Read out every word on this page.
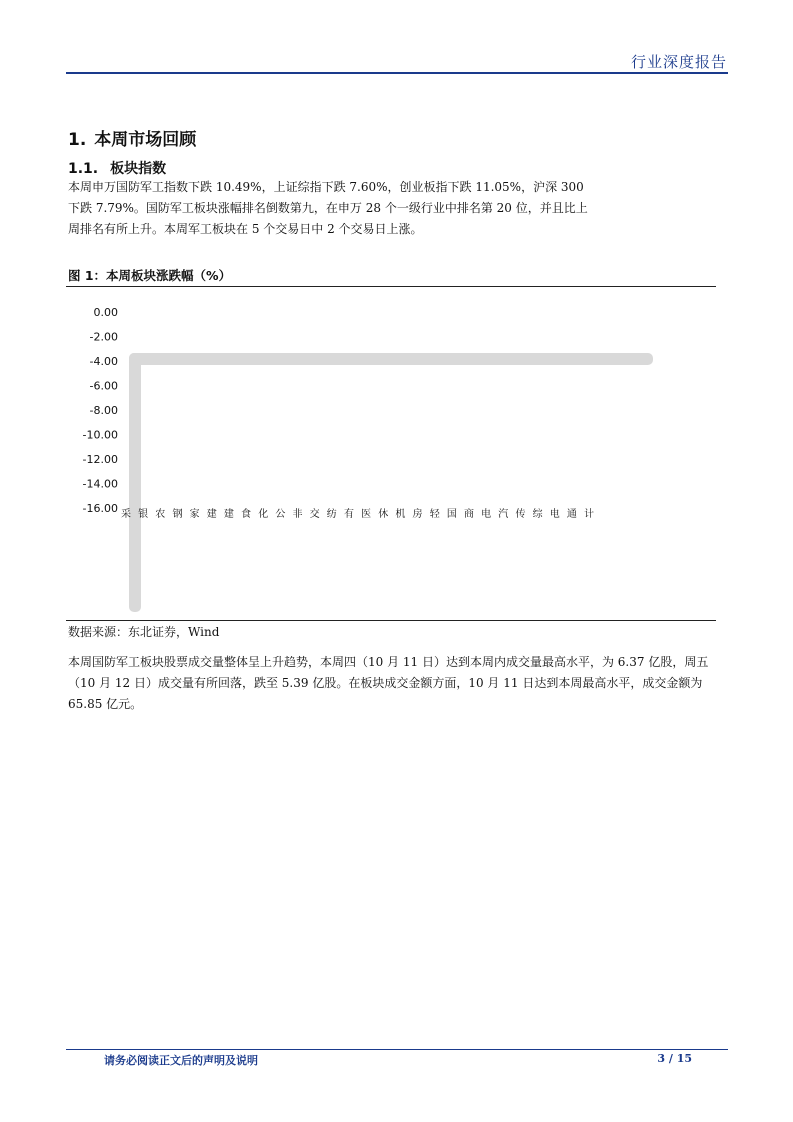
行业深度报告
1. 本周市场回顾
1.1. 板块指数
本周申万国防军工指数下跌 10.49%，上证综指下跌 7.60%，创业板指下跌 11.05%，沪深 300 下跌 7.79%。国防军工板块涨幅排名倒数第九，在申万 28 个一级行业中排名第 20 位，并且比上周排名有所上升。本周军工板块在 5 个交易日中 2 个交易日上涨。
图 1：本周板块涨跌幅（%）
0.00
-2.00
-4.00
-6.00
-8.00
-10.00
-12.00
-14.00
-16.00 采 银 农 钢 家 建 建 食 化 公 非 交 纺 有 医 休 机 房 轻 国 商 电 汽 传 综 电 通 计
数据来源：东北证券，Wind
本周国防军工板块股票成交量整体呈上升趋势，本周四（10 月 11 日）达到本周内成交量最高水平，为 6.37 亿股，周五（10 月 12 日）成交量有所回落，跌至 5.39 亿股。在板块成交金额方面，10 月 11 日达到本周最高水平，成交金额为 65.85 亿元。
请务必阅读正文后的声明及说明	3 / 15
